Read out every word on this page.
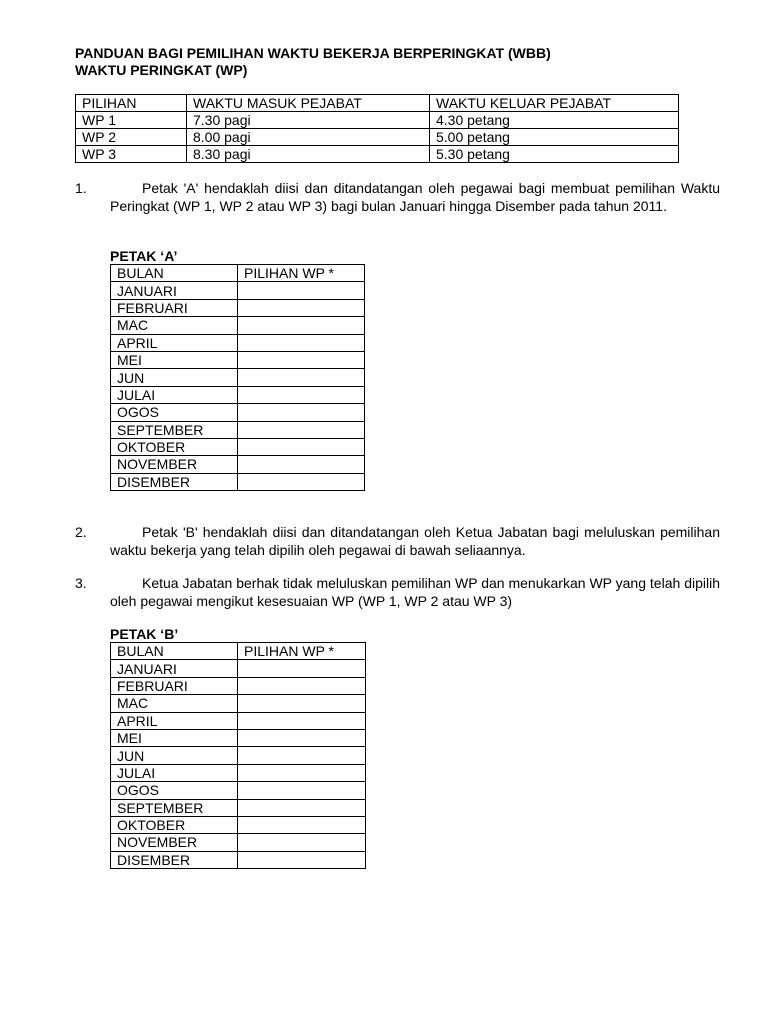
PANDUAN BAGI PEMILIHAN WAKTU BEKERJA BERPERINGKAT (WBB)
WAKTU PERINGKAT (WP)
PILIHAN	WAKTU MASUK PEJABAT	WAKTU KELUAR PEJABAT
WP 1	7.30 pagi	4.30 petang
WP 2	8.00 pagi	5.00 petang
WP 3	8.30 pagi	5.30 petang
1.	Petak 'A' hendaklah diisi dan ditandatangan oleh pegawai bagi membuat pemilihan Waktu Peringkat (WP 1, WP 2 atau WP 3) bagi bulan Januari hingga Disember pada tahun 2011.

PETAK ‘A’
BULAN	PILIHAN WP *
JANUARI	
FEBRUARI	
MAC	
APRIL	
MEI	
JUN	
JULAI	
OGOS	
SEPTEMBER	
OKTOBER	
NOVEMBER	
DISEMBER	
2.	Petak 'B' hendaklah diisi dan ditandatangan oleh Ketua Jabatan bagi meluluskan pemilihan waktu bekerja yang telah dipilih oleh pegawai di bawah seliaannya.

3.	Ketua Jabatan berhak tidak meluluskan pemilihan WP dan menukarkan WP yang telah dipilih oleh pegawai mengikut kesesuaian WP (WP 1, WP 2 atau WP 3)

PETAK ‘B’
BULAN	PILIHAN WP *
JANUARI	
FEBRUARI	
MAC	
APRIL	
MEI	
JUN	
JULAI	
OGOS	
SEPTEMBER	
OKTOBER	
NOVEMBER	
DISEMBER	
